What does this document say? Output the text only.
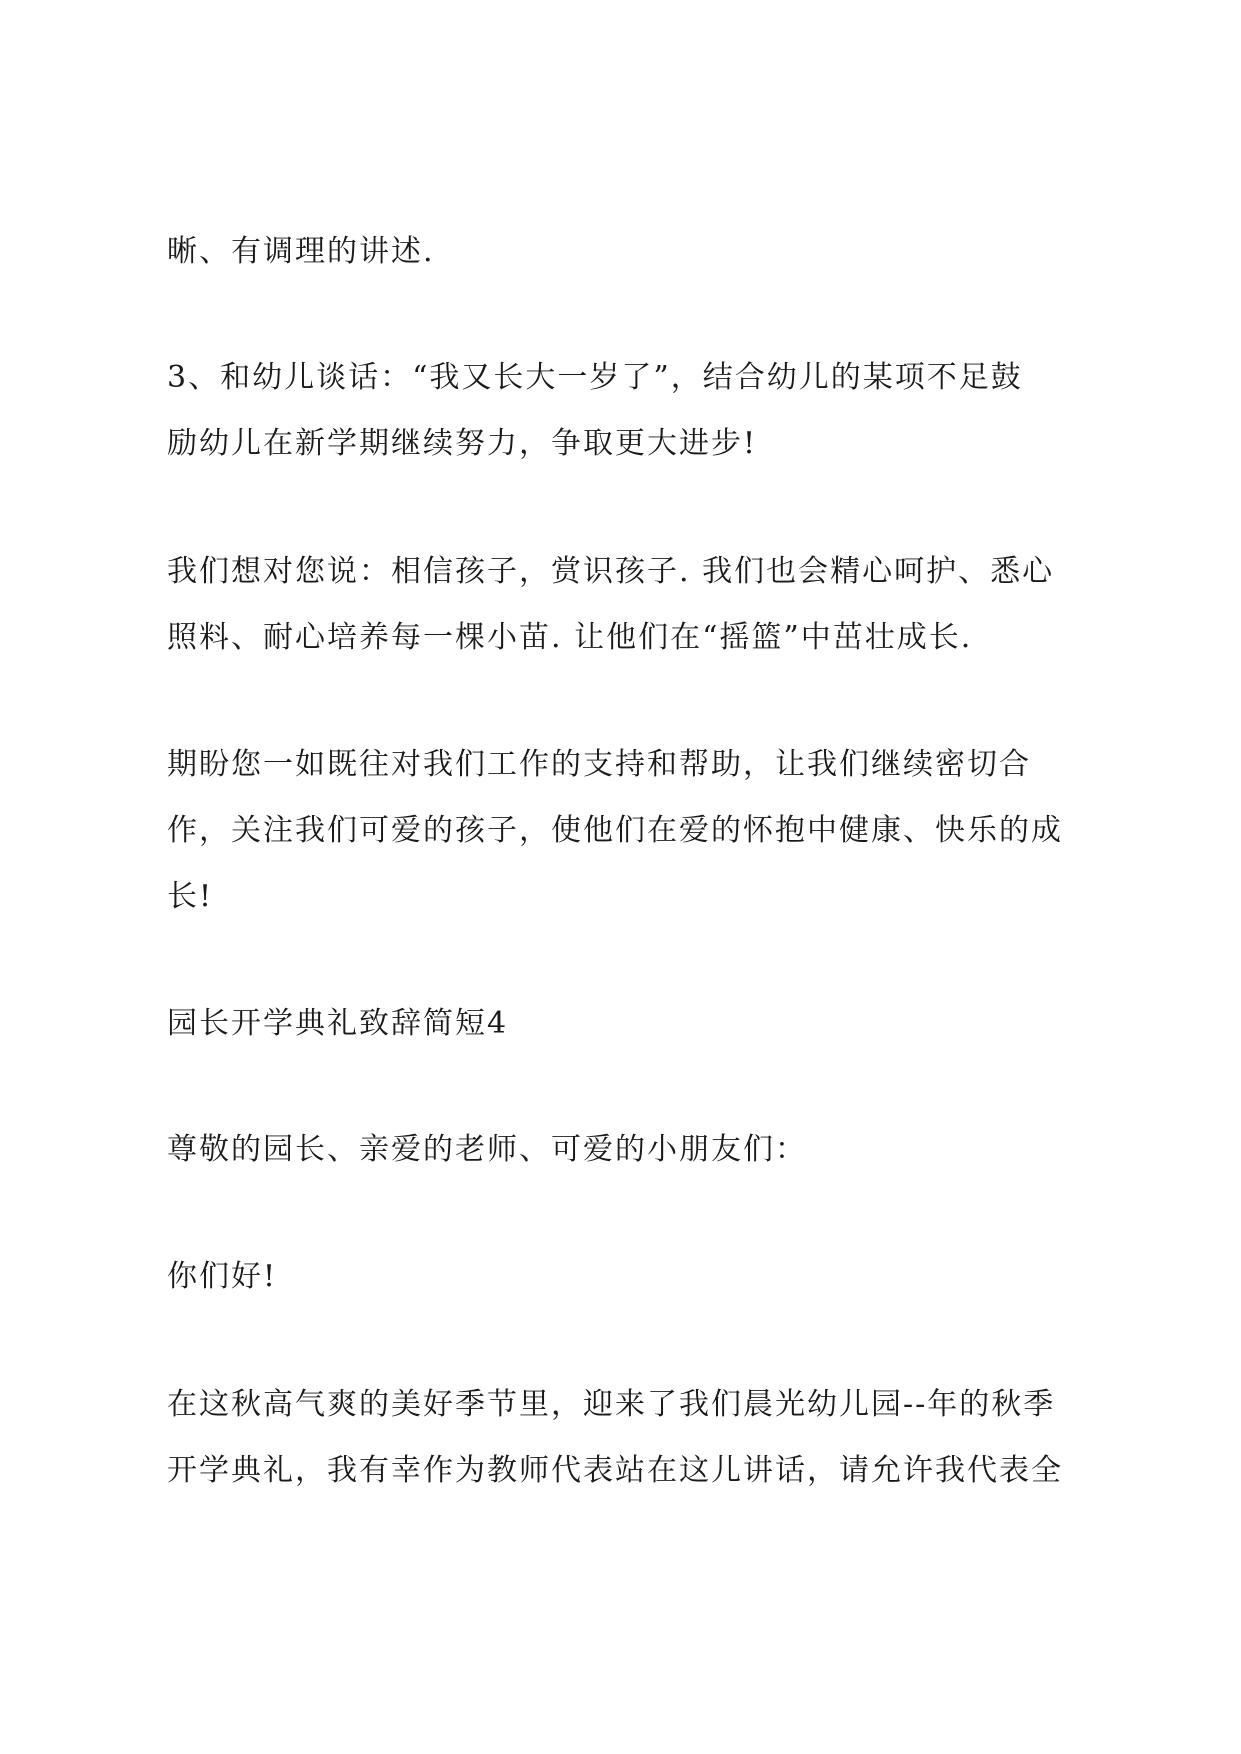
晰、有调理的讲述.

3、和幼儿谈话：“我又长大一岁了”，结合幼儿的某项不足鼓

励幼儿在新学期继续努力，争取更大进步!

我们想对您说：相信孩子，赏识孩子. 我们也会精心呵护、悉心

照料、耐心培养每一棵小苗. 让他们在“摇篮”中茁壮成长.

期盼您一如既往对我们工作的支持和帮助，让我们继续密切合

作，关注我们可爱的孩子，使他们在爱的怀抱中健康、快乐的成

长!

园长开学典礼致辞简短4

尊敬的园长、亲爱的老师、可爱的小朋友们：

你们好!

在这秋高气爽的美好季节里，迎来了我们晨光幼儿园--年的秋季

开学典礼，我有幸作为教师代表站在这儿讲话，请允许我代表全
